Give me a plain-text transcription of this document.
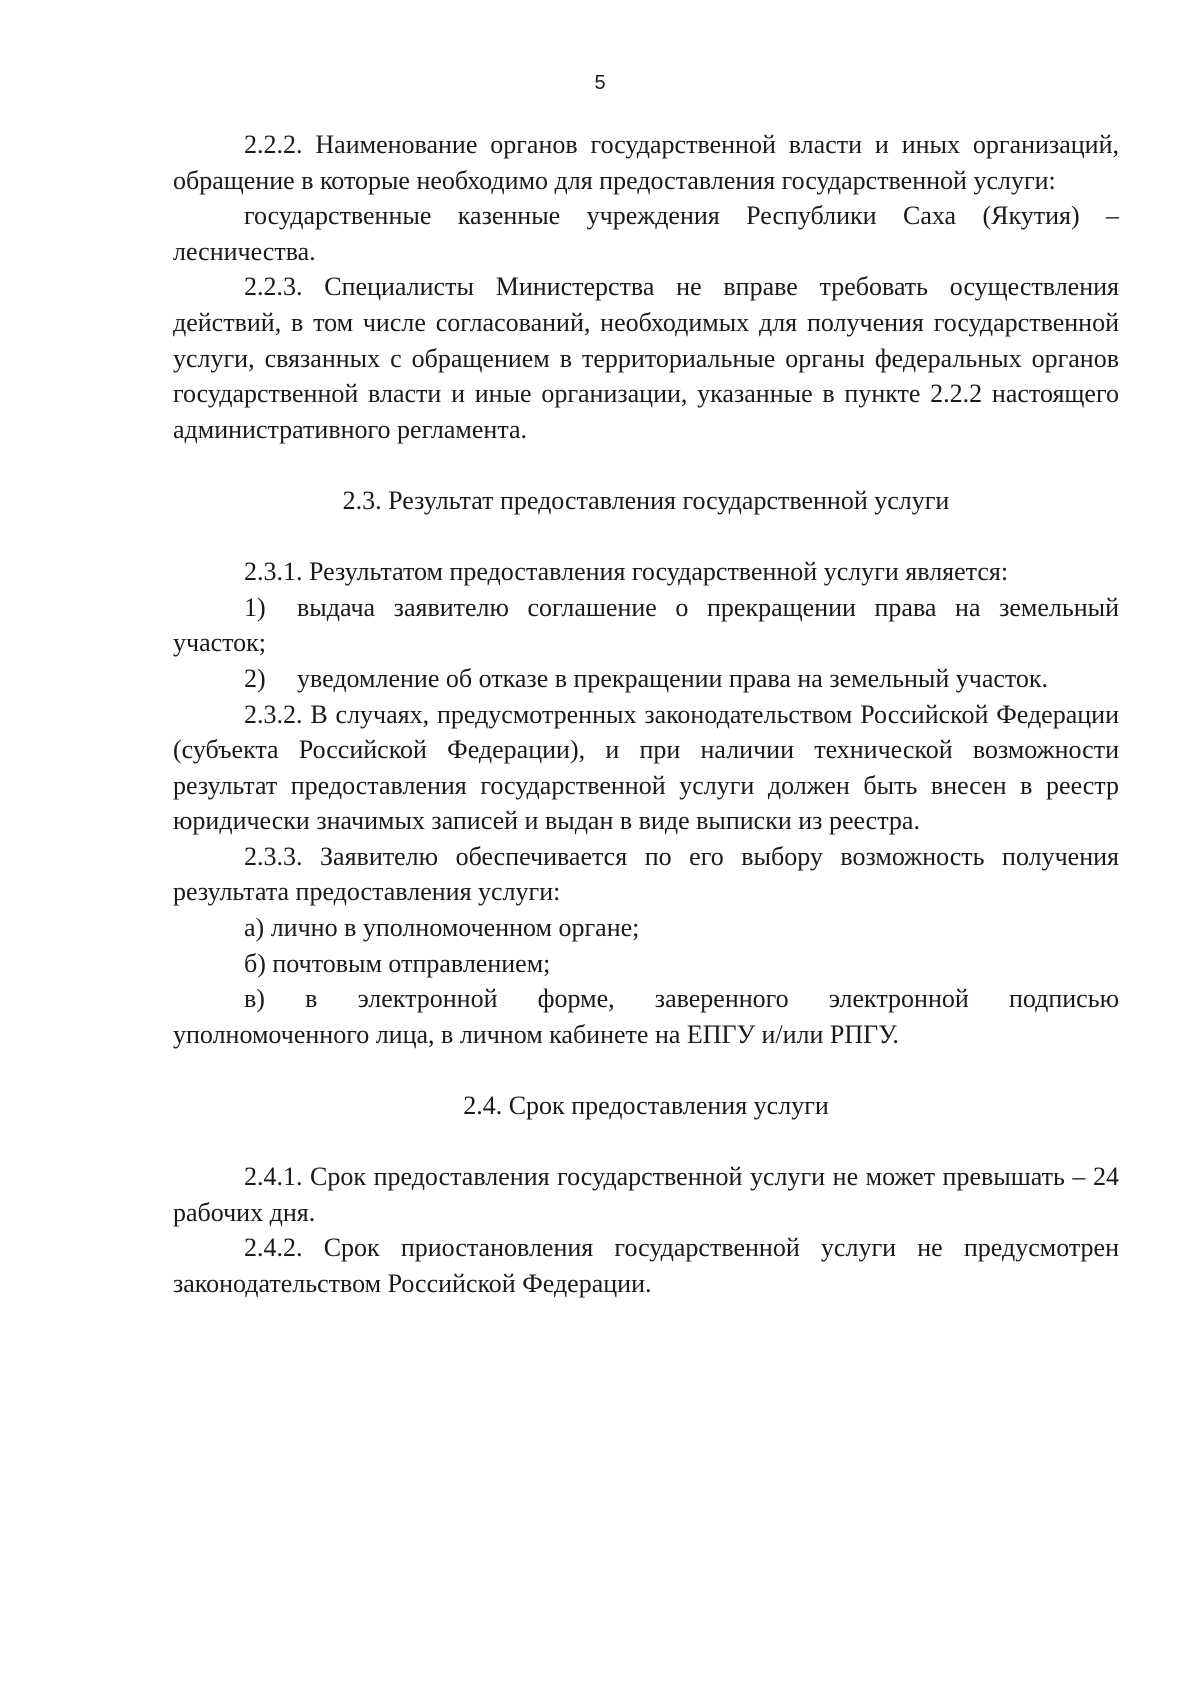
5

2.2.2. Наименование органов государственной власти и иных организаций, обращение в которые необходимо для предоставления государственной услуги:

государственные казенные учреждения Республики Саха (Якутия) – лесничества.

2.2.3. Специалисты Министерства не вправе требовать осуществления действий, в том числе согласований, необходимых для получения государственной услуги, связанных с обращением в территориальные органы федеральных органов государственной власти и иные организации, указанные в пункте 2.2.2 настоящего административного регламента.

2.3. Результат предоставления государственной услуги

2.3.1. Результатом предоставления государственной услуги является:

1) выдача заявителю соглашение о прекращении права на земельный участок;

2) уведомление об отказе в прекращении права на земельный участок.

2.3.2. В случаях, предусмотренных законодательством Российской Федерации (субъекта Российской Федерации), и при наличии технической возможности результат предоставления государственной услуги должен быть внесен в реестр юридически значимых записей и выдан в виде выписки из реестра.

2.3.3. Заявителю обеспечивается по его выбору возможность получения результата предоставления услуги:

а) лично в уполномоченном органе;

б) почтовым отправлением;

в) в электронной форме, заверенного электронной подписью уполномоченного лица, в личном кабинете на ЕПГУ и/или РПГУ.

2.4. Срок предоставления услуги

2.4.1. Срок предоставления государственной услуги не может превышать – 24 рабочих дня.

2.4.2. Срок приостановления государственной услуги не предусмотрен законодательством Российской Федерации.
